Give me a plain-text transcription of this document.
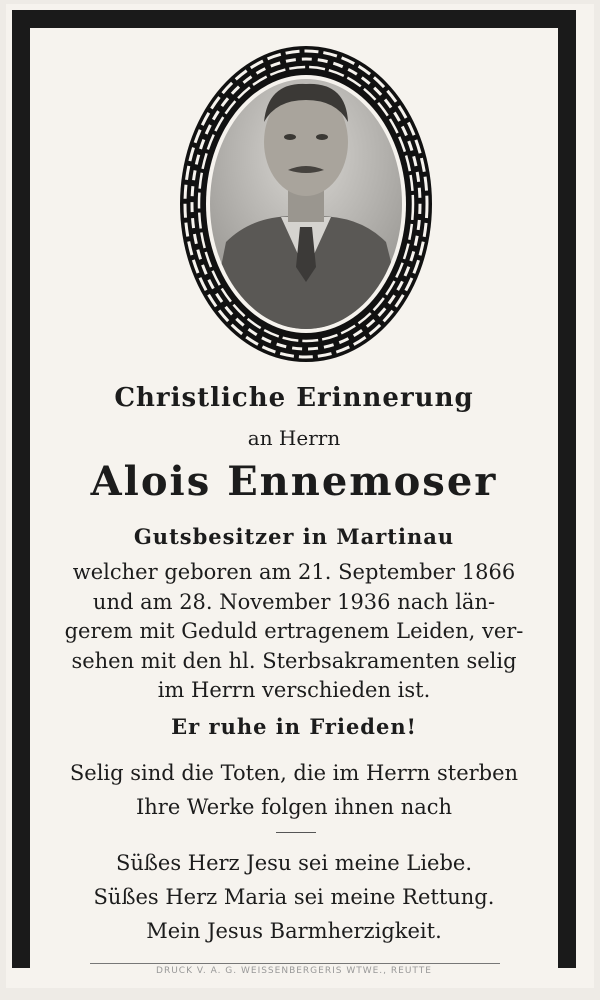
Christliche Erinnerung

an Herrn

Alois Ennemoser

Gutsbesitzer in Martinau

welcher geboren am 21. September 1866
und am 28. November 1936 nach län-
gerem mit Geduld ertragenem Leiden, ver-
sehen mit den hl. Sterbsakramenten selig
im Herrn verschieden ist.

Er ruhe in Frieden!

Selig sind die Toten, die im Herrn sterben
Ihre Werke folgen ihnen nach

Süßes Herz Jesu sei meine Liebe.
Süßes Herz Maria sei meine Rettung.
Mein Jesus Barmherzigkeit.

DRUCK V. A. G. WEISSENBERGERIS WTWE., REUTTE
